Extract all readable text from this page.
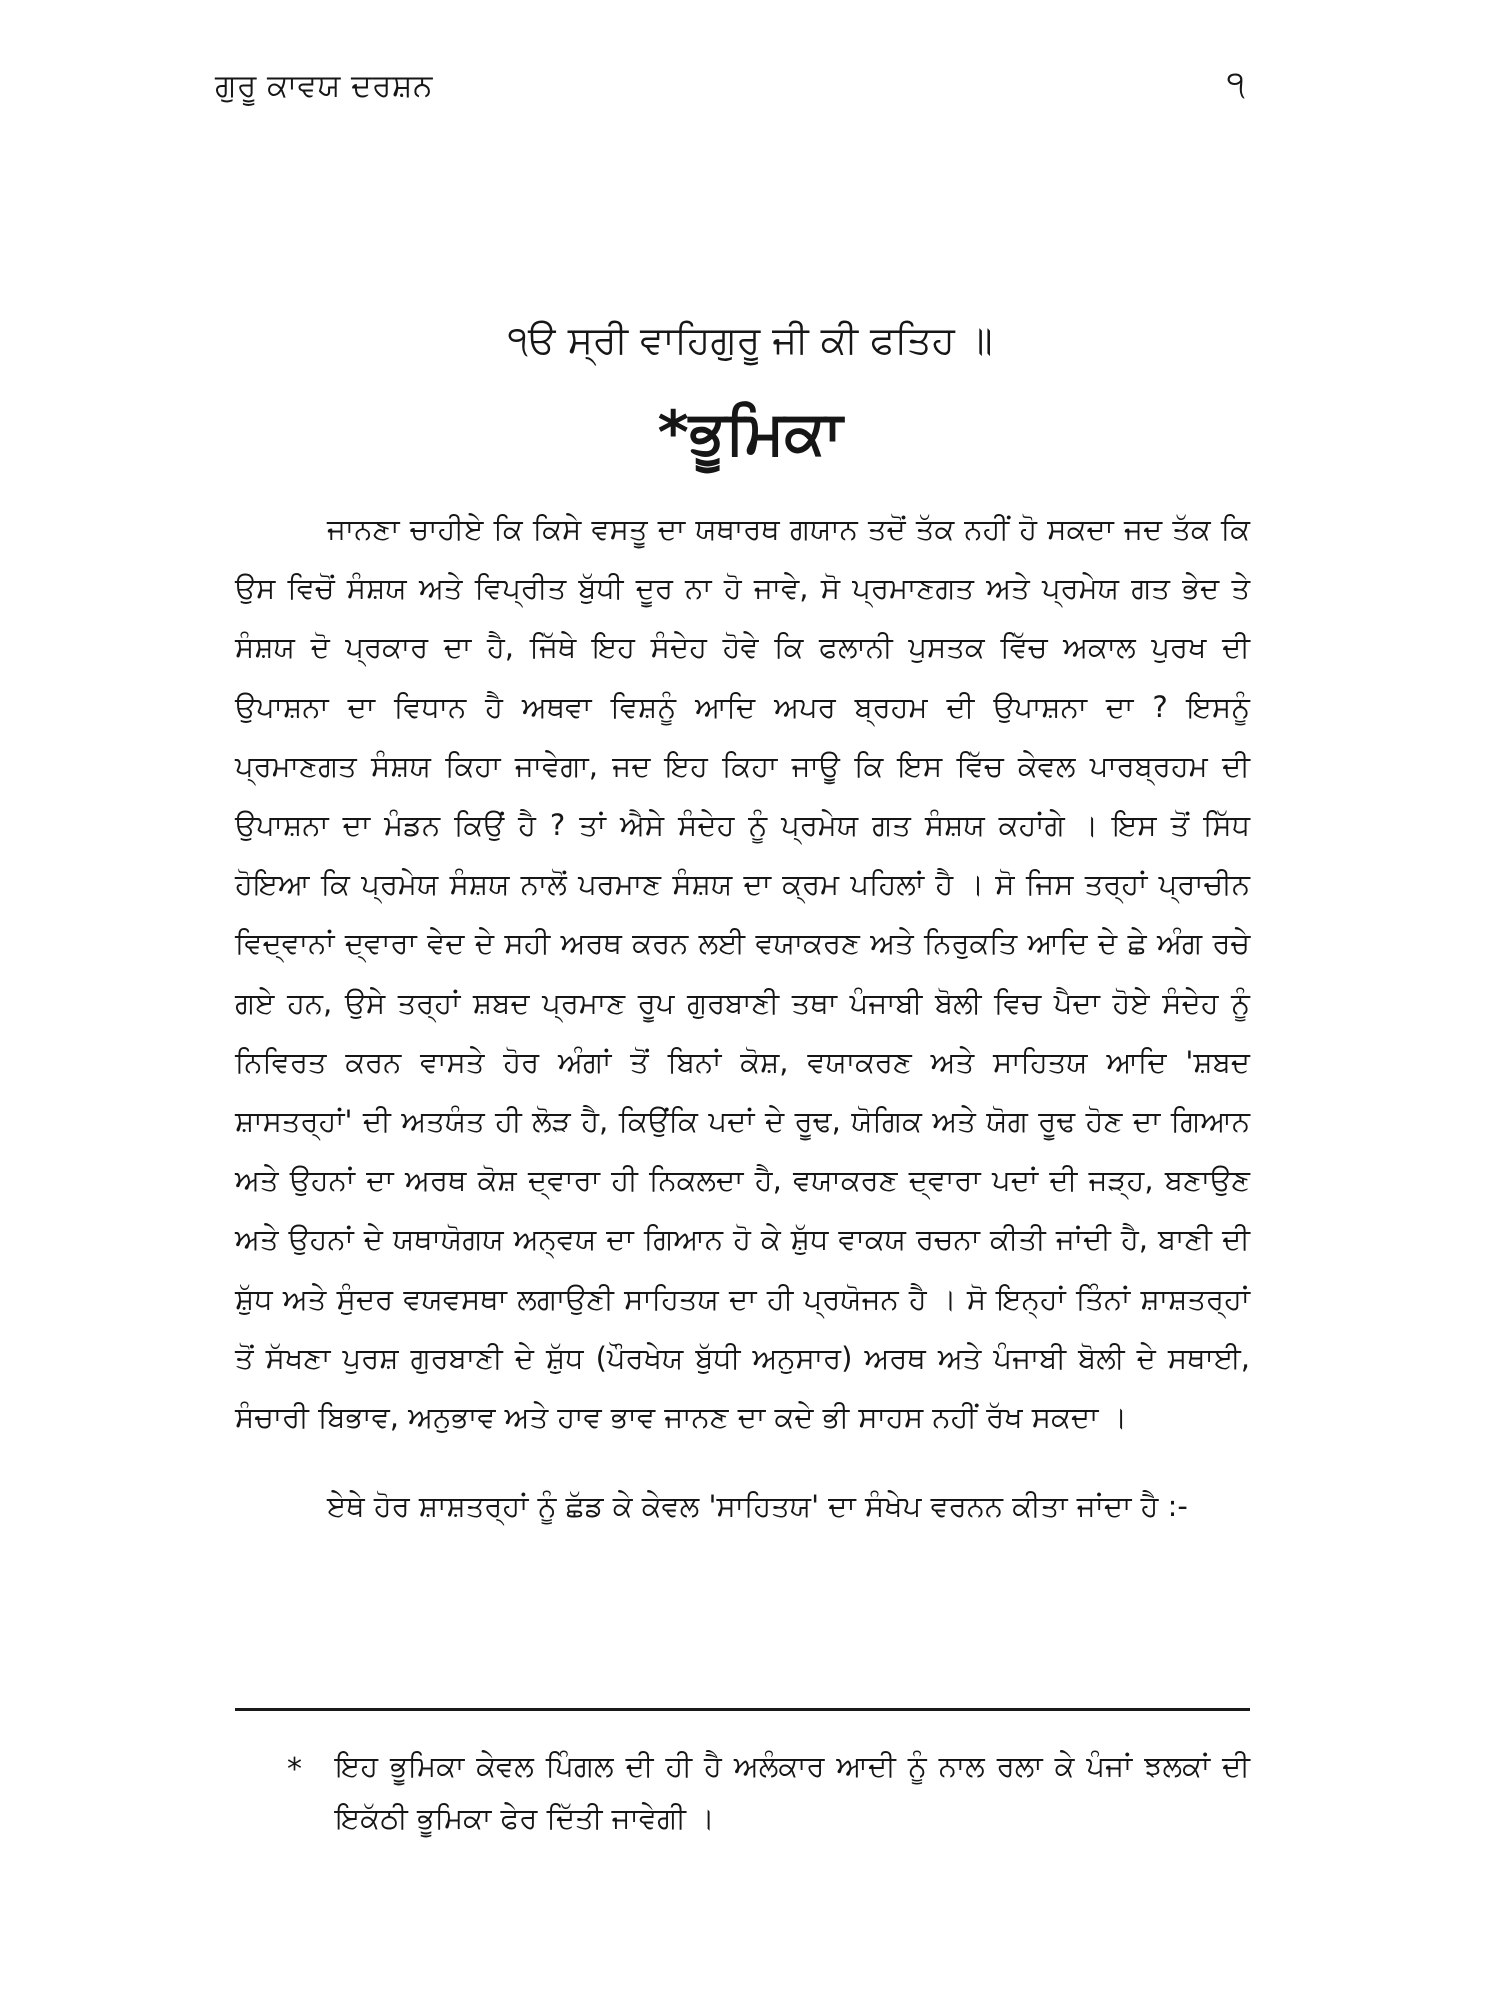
ਗੁਰੂ ਕਾਵਯ ਦਰਸ਼ਨ	੧
੧ੳ ਸ੍ਰੀ ਵਾਹਿਗੁਰੂ ਜੀ ਕੀ ਫਤਿਹ ॥
*ਭੂਮਿਕਾ

ਜਾਨਣਾ ਚਾਹੀਏ ਕਿ ਕਿਸੇ ਵਸਤੂ ਦਾ ਯਥਾਰਥ ਗਯਾਨ ਤਦੋਂ ਤੱਕ ਨਹੀਂ ਹੋ ਸਕਦਾ ਜਦ ਤੱਕ ਕਿ ਉਸ ਵਿਚੋਂ ਸੰਸ਼ਯ ਅਤੇ ਵਿਪ੍ਰੀਤ ਬੁੱਧੀ ਦੂਰ ਨਾ ਹੋ ਜਾਵੇ, ਸੋ ਪ੍ਰਮਾਣਗਤ ਅਤੇ ਪ੍ਰਮੇਯ ਗਤ ਭੇਦ ਤੇ ਸੰਸ਼ਯ ਦੋ ਪ੍ਰਕਾਰ ਦਾ ਹੈ, ਜਿੱਥੇ ਇਹ ਸੰਦੇਹ ਹੋਵੇ ਕਿ ਫਲਾਨੀ ਪੁਸਤਕ ਵਿੱਚ ਅਕਾਲ ਪੁਰਖ ਦੀ ਉਪਾਸ਼ਨਾ ਦਾ ਵਿਧਾਨ ਹੈ ਅਥਵਾ ਵਿਸ਼ਨੂੰ ਆਦਿ ਅਪਰ ਬ੍ਰਹਮ ਦੀ ਉਪਾਸ਼ਨਾ ਦਾ ? ਇਸਨੂੰ ਪ੍ਰਮਾਣਗਤ ਸੰਸ਼ਯ ਕਿਹਾ ਜਾਵੇਗਾ, ਜਦ ਇਹ ਕਿਹਾ ਜਾਊ ਕਿ ਇਸ ਵਿੱਚ ਕੇਵਲ ਪਾਰਬ੍ਰਹਮ ਦੀ ਉਪਾਸ਼ਨਾ ਦਾ ਮੰਡਨ ਕਿਉਂ ਹੈ ? ਤਾਂ ਐਸੇ ਸੰਦੇਹ ਨੂੰ ਪ੍ਰਮੇਯ ਗਤ ਸੰਸ਼ਯ ਕਹਾਂਗੇ । ਇਸ ਤੋਂ ਸਿੱਧ ਹੋਇਆ ਕਿ ਪ੍ਰਮੇਯ ਸੰਸ਼ਯ ਨਾਲੋਂ ਪਰਮਾਣ ਸੰਸ਼ਯ ਦਾ ਕ੍ਰਮ ਪਹਿਲਾਂ ਹੈ । ਸੋ ਜਿਸ ਤਰ੍ਹਾਂ ਪ੍ਰਾਚੀਨ ਵਿਦ੍ਵਾਨਾਂ ਦ੍ਵਾਰਾ ਵੇਦ ਦੇ ਸਹੀ ਅਰਥ ਕਰਨ ਲਈ ਵਯਾਕਰਣ ਅਤੇ ਨਿਰੁਕਤਿ ਆਦਿ ਦੇ ਛੇ ਅੰਗ ਰਚੇ ਗਏ ਹਨ, ਉਸੇ ਤਰ੍ਹਾਂ ਸ਼ਬਦ ਪ੍ਰਮਾਣ ਰੂਪ ਗੁਰਬਾਣੀ ਤਥਾ ਪੰਜਾਬੀ ਬੋਲੀ ਵਿਚ ਪੈਦਾ ਹੋਏ ਸੰਦੇਹ ਨੂੰ ਨਿਵਿਰਤ ਕਰਨ ਵਾਸਤੇ ਹੋਰ ਅੰਗਾਂ ਤੋਂ ਬਿਨਾਂ ਕੋਸ਼, ਵਯਾਕਰਣ ਅਤੇ ਸਾਹਿਤਯ ਆਦਿ 'ਸ਼ਬਦ ਸ਼ਾਸਤਰ੍ਹਾਂ' ਦੀ ਅਤਯੰਤ ਹੀ ਲੋੜ ਹੈ, ਕਿਉਂਕਿ ਪਦਾਂ ਦੇ ਰੂਢ, ਯੋਗਿਕ ਅਤੇ ਯੋਗ ਰੂਢ ਹੋਣ ਦਾ ਗਿਆਨ ਅਤੇ ਉਹਨਾਂ ਦਾ ਅਰਥ ਕੋਸ਼ ਦ੍ਵਾਰਾ ਹੀ ਨਿਕਲਦਾ ਹੈ, ਵਯਾਕਰਣ ਦ੍ਵਾਰਾ ਪਦਾਂ ਦੀ ਜੜ੍ਹ, ਬਣਾਉਣ ਅਤੇ ਉਹਨਾਂ ਦੇ ਯਥਾਯੋਗਯ ਅਨ੍ਵਯ ਦਾ ਗਿਆਨ ਹੋ ਕੇ ਸ਼ੁੱਧ ਵਾਕਯ ਰਚਨਾ ਕੀਤੀ ਜਾਂਦੀ ਹੈ, ਬਾਣੀ ਦੀ ਸ਼ੁੱਧ ਅਤੇ ਸੁੰਦਰ ਵਯਵਸਥਾ ਲਗਾਉਣੀ ਸਾਹਿਤਯ ਦਾ ਹੀ ਪ੍ਰਯੋਜਨ ਹੈ । ਸੋ ਇਨ੍ਹਾਂ ਤਿੰਨਾਂ ਸ਼ਾਸ਼ਤਰ੍ਹਾਂ ਤੋਂ ਸੱਖਣਾ ਪੁਰਸ਼ ਗੁਰਬਾਣੀ ਦੇ ਸ਼ੁੱਧ (ਪੌਰਖੇਯ ਬੁੱਧੀ ਅਨੁਸਾਰ) ਅਰਥ ਅਤੇ ਪੰਜਾਬੀ ਬੋਲੀ ਦੇ ਸਥਾਈ, ਸੰਚਾਰੀ ਬਿਭਾਵ, ਅਨੁਭਾਵ ਅਤੇ ਹਾਵ ਭਾਵ ਜਾਨਣ ਦਾ ਕਦੇ ਭੀ ਸਾਹਸ ਨਹੀਂ ਰੱਖ ਸਕਦਾ ।

ਏਥੇ ਹੋਰ ਸ਼ਾਸ਼ਤਰ੍ਹਾਂ ਨੂੰ ਛੱਡ ਕੇ ਕੇਵਲ 'ਸਾਹਿਤਯ' ਦਾ ਸੰਖੇਪ ਵਰਨਨ ਕੀਤਾ ਜਾਂਦਾ ਹੈ :-

* ਇਹ ਭੂਮਿਕਾ ਕੇਵਲ ਪਿੰਗਲ ਦੀ ਹੀ ਹੈ ਅਲੰਕਾਰ ਆਦੀ ਨੂੰ ਨਾਲ ਰਲਾ ਕੇ ਪੰਜਾਂ ਝਲਕਾਂ ਦੀ ਇਕੱਠੀ ਭੂਮਿਕਾ ਫੇਰ ਦਿੱਤੀ ਜਾਵੇਗੀ ।
